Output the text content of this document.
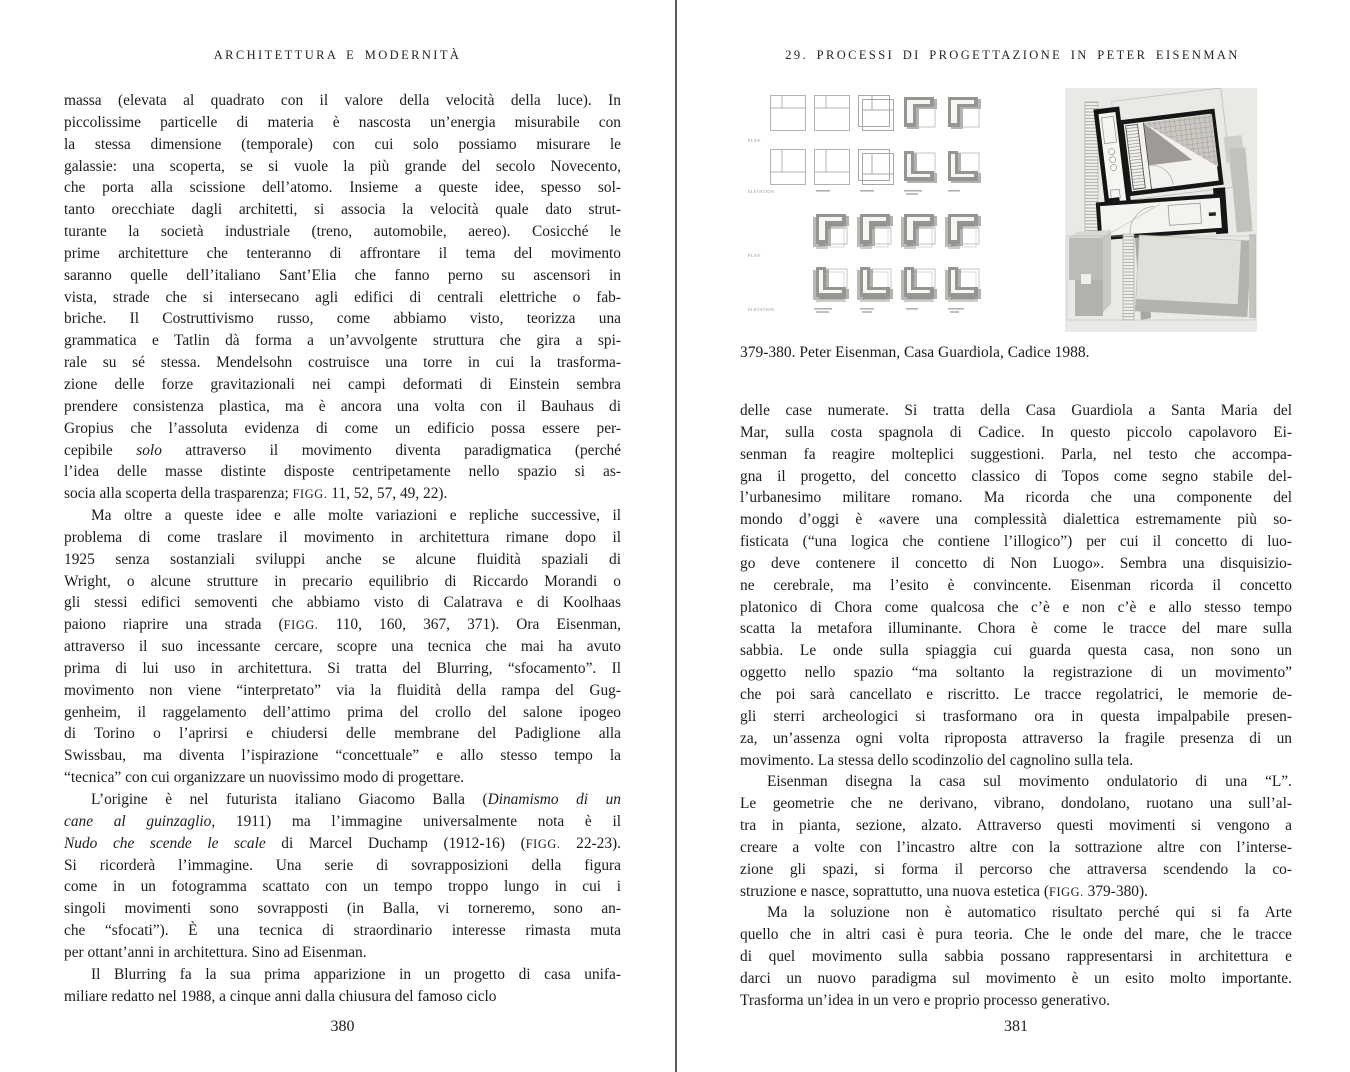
ARCHITETTURA E MODERNITÀ
massa (elevata al quadrato con il valore della velocità della luce). In
piccolissime particelle di materia è nascosta un’energia misurabile con
la stessa dimensione (temporale) con cui solo possiamo misurare le
galassie: una scoperta, se si vuole la più grande del secolo Novecento,
che porta alla scissione dell’atomo. Insieme a queste idee, spesso sol-
tanto orecchiate dagli architetti, si associa la velocità quale dato strut-
turante la società industriale (treno, automobile, aereo). Cosicché le
prime architetture che tenteranno di affrontare il tema del movimento
saranno quelle dell’italiano Sant’Elia che fanno perno su ascensori in
vista, strade che si intersecano agli edifici di centrali elettriche o fab-
briche. Il Costruttivismo russo, come abbiamo visto, teorizza una
grammatica e Tatlin dà forma a un’avvolgente struttura che gira a spi-
rale su sé stessa. Mendelsohn costruisce una torre in cui la trasforma-
zione delle forze gravitazionali nei campi deformati di Einstein sembra
prendere consistenza plastica, ma è ancora una volta con il Bauhaus di
Gropius che l’assoluta evidenza di come un edificio possa essere per-
cepibile solo attraverso il movimento diventa paradigmatica (perché
l’idea delle masse distinte disposte centripetamente nello spazio si as-
socia alla scoperta della trasparenza; FIGG. 11, 52, 57, 49, 22).
Ma oltre a queste idee e alle molte variazioni e repliche successive, il
problema di come traslare il movimento in architettura rimane dopo il
1925 senza sostanziali sviluppi anche se alcune fluidità spaziali di
Wright, o alcune strutture in precario equilibrio di Riccardo Morandi o
gli stessi edifici semoventi che abbiamo visto di Calatrava e di Koolhaas
paiono riaprire una strada (FIGG. 110, 160, 367, 371). Ora Eisenman,
attraverso il suo incessante cercare, scopre una tecnica che mai ha avuto
prima di lui uso in architettura. Si tratta del Blurring, “sfocamento”. Il
movimento non viene “interpretato” via la fluidità della rampa del Gug-
genheim, il raggelamento dell’attimo prima del crollo del salone ipogeo
di Torino o l’aprirsi e chiudersi delle membrane del Padiglione alla
Swissbau, ma diventa l’ispirazione “concettuale” e allo stesso tempo la
“tecnica” con cui organizzare un nuovissimo modo di progettare.
L’origine è nel futurista italiano Giacomo Balla (Dinamismo di un
cane al guinzaglio, 1911) ma l’immagine universalmente nota è il
Nudo che scende le scale di Marcel Duchamp (1912-16) (FIGG. 22-23).
Si ricorderà l’immagine. Una serie di sovrapposizioni della figura
come in un fotogramma scattato con un tempo troppo lungo in cui i
singoli movimenti sono sovrapposti (in Balla, vi torneremo, sono an-
che “sfocati”). È una tecnica di straordinario interesse rimasta muta
per ottant’anni in architettura. Sino ad Eisenman.
Il Blurring fa la sua prima apparizione in un progetto di casa unifa-
miliare redatto nel 1988, a cinque anni dalla chiusura del famoso ciclo
380
29. PROCESSI DI PROGETTAZIONE IN PETER EISENMAN
PLAN
ELEVATION
PLAN
ELEVATION
379-380. Peter Eisenman, Casa Guardiola, Cadice 1988.
delle case numerate. Si tratta della Casa Guardiola a Santa Maria del
Mar, sulla costa spagnola di Cadice. In questo piccolo capolavoro Ei-
senman fa reagire molteplici suggestioni. Parla, nel testo che accompa-
gna il progetto, del concetto classico di Topos come segno stabile del-
l’urbanesimo militare romano. Ma ricorda che una componente del
mondo d’oggi è «avere una complessità dialettica estremamente più so-
fisticata (“una logica che contiene l’illogico”) per cui il concetto di luo-
go deve contenere il concetto di Non Luogo». Sembra una disquisizio-
ne cerebrale, ma l’esito è convincente. Eisenman ricorda il concetto
platonico di Chora come qualcosa che c’è e non c’è e allo stesso tempo
scatta la metafora illuminante. Chora è come le tracce del mare sulla
sabbia. Le onde sulla spiaggia cui guarda questa casa, non sono un
oggetto nello spazio “ma soltanto la registrazione di un movimento”
che poi sarà cancellato e riscritto. Le tracce regolatrici, le memorie de-
gli sterri archeologici si trasformano ora in questa impalpabile presen-
za, un’assenza ogni volta riproposta attraverso la fragile presenza di un
movimento. La stessa dello scodinzolio del cagnolino sulla tela.
Eisenman disegna la casa sul movimento ondulatorio di una “L”.
Le geometrie che ne derivano, vibrano, dondolano, ruotano una sull’al-
tra in pianta, sezione, alzato. Attraverso questi movimenti si vengono a
creare a volte con l’incastro altre con la sottrazione altre con l’interse-
zione gli spazi, si forma il percorso che attraversa scendendo la co-
struzione e nasce, soprattutto, una nuova estetica (FIGG. 379-380).
Ma la soluzione non è automatico risultato perché qui si fa Arte
quello che in altri casi è pura teoria. Che le onde del mare, che le tracce
di quel movimento sulla sabbia possano rappresentarsi in architettura e
darci un nuovo paradigma sul movimento è un esito molto importante.
Trasforma un’idea in un vero e proprio processo generativo.
381
